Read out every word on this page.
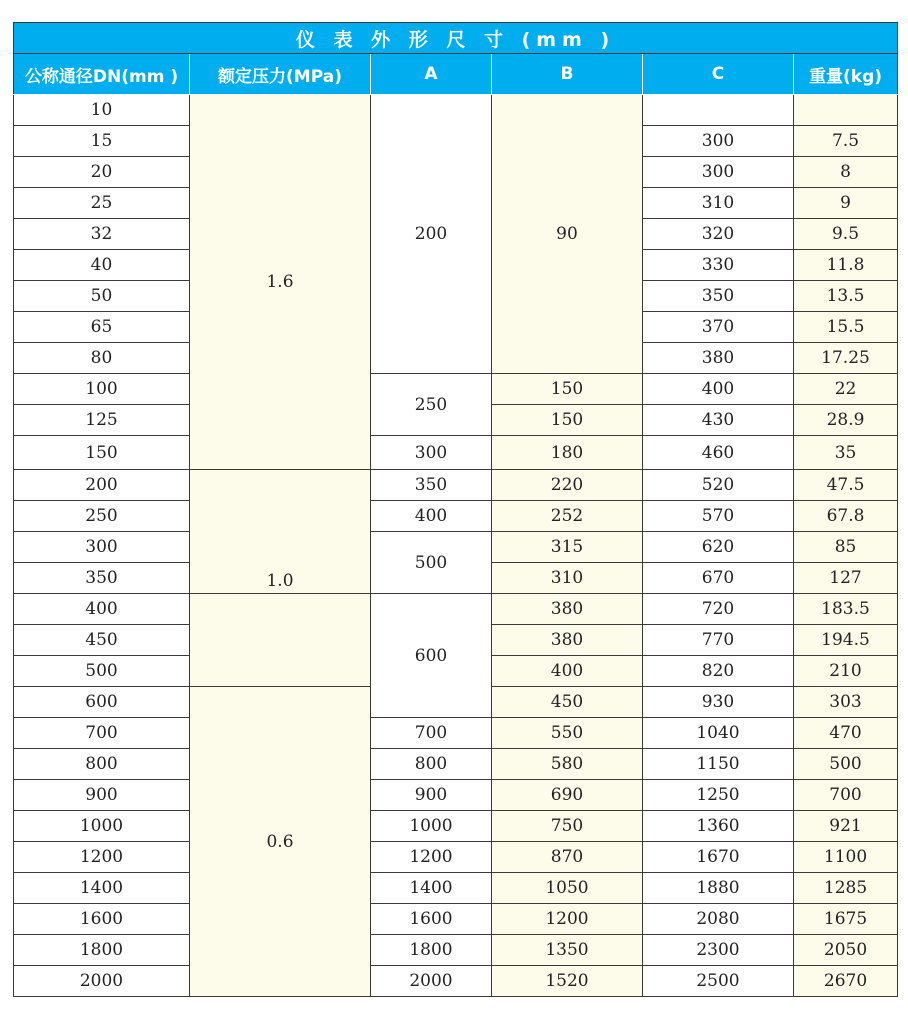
仪 表 外 形 尺 寸 (mm )					
公称通径DN(mm )	额定压力(MPa)	A	B	C	重量(kg)
10	1.6	200	90		
15				300	7.5
20				300	8
25				310	9
32				320	9.5
40				330	11.8
50				350	13.5
65				370	15.5
80				380	17.25
100		250	150	400	22
125			150	430	28.9
150		300	180	460	35
200	1.0	350	220	520	47.5
250		400	252	570	67.8
300		500	315	620	85
350			310	670	127
400		600	380	720	183.5
450			380	770	194.5
500			400	820	210
600	0.6		450	930	303
700		700	550	1040	470
800		800	580	1150	500
900		900	690	1250	700
1000		1000	750	1360	921
1200		1200	870	1670	1100
1400		1400	1050	1880	1285
1600		1600	1200	2080	1675
1800		1800	1350	2300	2050
2000		2000	1520	2500	2670
